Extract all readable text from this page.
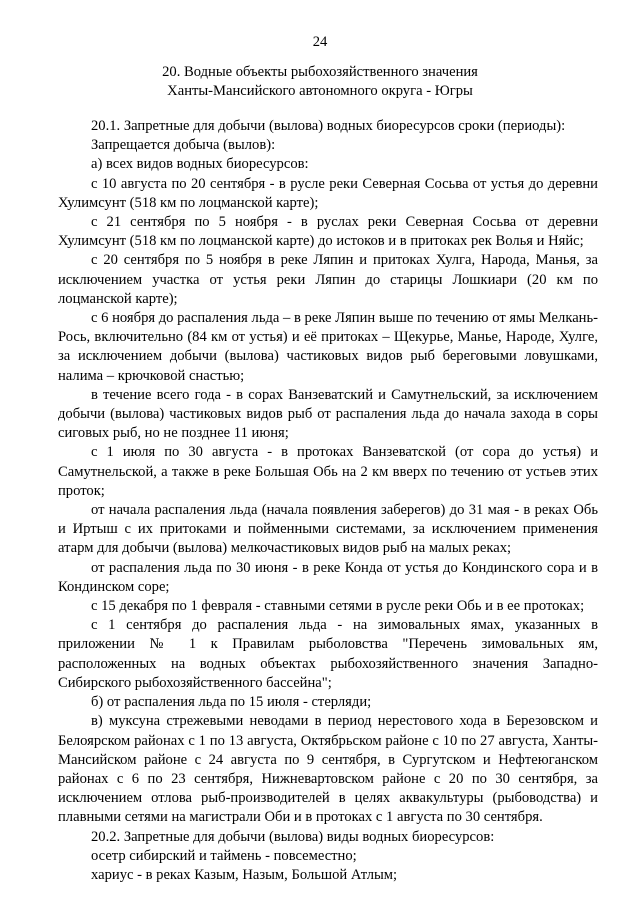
24
20. Водные объекты рыбохозяйственного значения
Ханты-Мансийского автономного округа - Югры

20.1. Запретные для добычи (вылова) водных биоресурсов сроки (периоды):

Запрещается добыча (вылов):

а) всех видов водных биоресурсов:

с 10 августа по 20 сентября - в русле реки Северная Сосьва от устья до деревни Хулимсунт (518 км по лоцманской карте);

с 21 сентября по 5 ноября - в руслах реки Северная Сосьва от деревни Хулимсунт (518 км по лоцманской карте) до истоков и в притоках рек Волья и Няйс;

с 20 сентября по 5 ноября в реке Ляпин и притоках Хулга, Народа, Манья, за исключением участка от устья реки Ляпин до старицы Лошкиари (20 км по лоцманской карте);

с 6 ноября до распаления льда – в реке Ляпин выше по течению от ямы Мелкань-Рось, включительно (84 км от устья) и её притоках – Щекурье, Манье, Народе, Хулге, за исключением добычи (вылова) частиковых видов рыб береговыми ловушками, налима – крючковой снастью;

в течение всего года - в сорах Ванзеватский и Самутнельский, за исключением добычи (вылова) частиковых видов рыб от распаления льда до начала захода в соры сиговых рыб, но не позднее 11 июня;

с 1 июля по 30 августа - в протоках Ванзеватской (от сора до устья) и Самутнельской, а также в реке Большая Обь на 2 км вверх по течению от устьев этих проток;

от начала распаления льда (начала появления заберегов) до 31 мая - в реках Обь и Иртыш с их притоками и пойменными системами, за исключением применения атарм для добычи (вылова) мелкочастиковых видов рыб на малых реках;

от распаления льда по 30 июня - в реке Конда от устья до Кондинского сора и в Кондинском соре;

с 15 декабря по 1 февраля - ставными сетями в русле реки Обь и в ее протоках;

с 1 сентября до распаления льда - на зимовальных ямах, указанных в приложении № 1 к Правилам рыболовства "Перечень зимовальных ям, расположенных на водных объектах рыбохозяйственного значения Западно-Сибирского рыбохозяйственного бассейна";

б) от распаления льда по 15 июля - стерляди;

в) муксуна стрежевыми неводами в период нерестового хода в Березовском и Белоярском районах с 1 по 13 августа, Октябрьском районе с 10 по 27 августа, Ханты-Мансийском районе с 24 августа по 9 сентября, в Сургутском и Нефтеюганском районах с 6 по 23 сентября, Нижневартовском районе с 20 по 30 сентября, за исключением отлова рыб-производителей в целях аквакультуры (рыбоводства) и плавными сетями на магистрали Оби и в протоках с 1 августа по 30 сентября.

20.2. Запретные для добычи (вылова) виды водных биоресурсов:

осетр сибирский и таймень - повсеместно;

хариус - в реках Казым, Назым, Большой Атлым;
